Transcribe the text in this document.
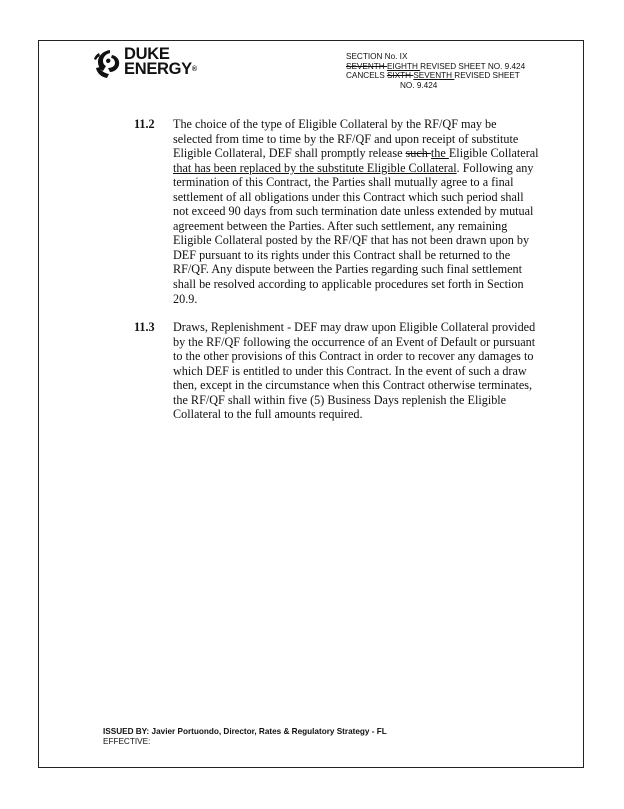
DUKE
ENERGY®
SECTION No. IX
SEVENTH EIGHTH REVISED SHEET NO. 9.424
CANCELS SIXTH SEVENTH REVISED SHEET
NO. 9.424
11.2 The choice of the type of Eligible Collateral by the RF/QF may be
selected from time to time by the RF/QF and upon receipt of substitute
Eligible Collateral, DEF shall promptly release such the Eligible Collateral
that has been replaced by the substitute Eligible Collateral. Following any
termination of this Contract, the Parties shall mutually agree to a final
settlement of all obligations under this Contract which such period shall
not exceed 90 days from such termination date unless extended by mutual
agreement between the Parties. After such settlement, any remaining
Eligible Collateral posted by the RF/QF that has not been drawn upon by
DEF pursuant to its rights under this Contract shall be returned to the
RF/QF. Any dispute between the Parties regarding such final settlement
shall be resolved according to applicable procedures set forth in Section
20.9.
11.3 Draws, Replenishment - DEF may draw upon Eligible Collateral provided
by the RF/QF following the occurrence of an Event of Default or pursuant
to the other provisions of this Contract in order to recover any damages to
which DEF is entitled to under this Contract. In the event of such a draw
then, except in the circumstance when this Contract otherwise terminates,
the RF/QF shall within five (5) Business Days replenish the Eligible
Collateral to the full amounts required.
ISSUED BY: Javier Portuondo, Director, Rates & Regulatory Strategy - FL
EFFECTIVE:
